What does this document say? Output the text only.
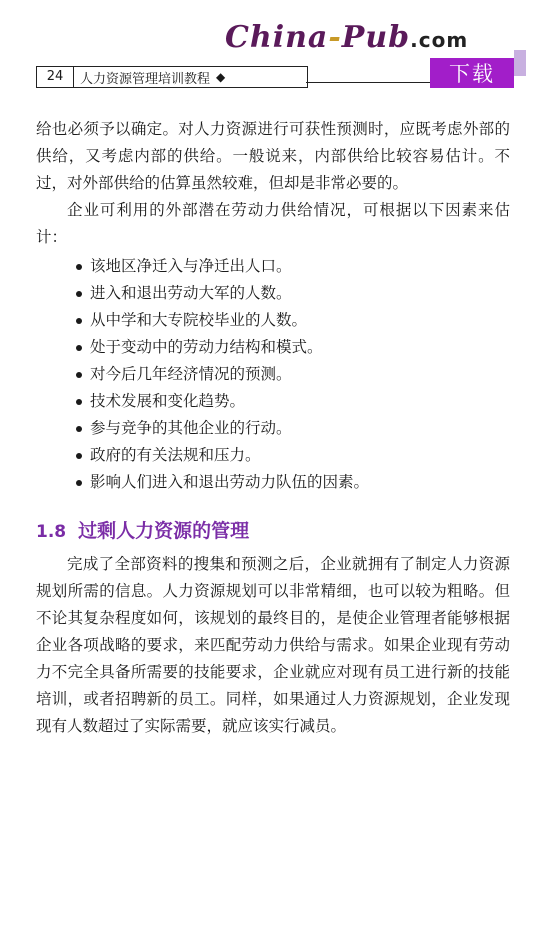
China-Pub.com
下载
24	人力资源管理培训教程 ◆

给也必须予以确定。对人力资源进行可获性预测时，应既考虑外部的供给，又考虑内部的供给。一般说来，内部供给比较容易估计。不过，对外部供给的估算虽然较难，但却是非常必要的。

企业可利用的外部潜在劳动力供给情况，可根据以下因素来估计：

该地区净迁入与净迁出人口。
进入和退出劳动大军的人数。
从中学和大专院校毕业的人数。
处于变动中的劳动力结构和模式。
对今后几年经济情况的预测。
技术发展和变化趋势。
参与竞争的其他企业的行动。
政府的有关法规和压力。
影响人们进入和退出劳动力队伍的因素。
1.8 过剩人力资源的管理

完成了全部资料的搜集和预测之后，企业就拥有了制定人力资源规划所需的信息。人力资源规划可以非常精细，也可以较为粗略。但不论其复杂程度如何，该规划的最终目的，是使企业管理者能够根据企业各项战略的要求，来匹配劳动力供给与需求。如果企业现有劳动力不完全具备所需要的技能要求，企业就应对现有员工进行新的技能培训，或者招聘新的员工。同样，如果通过人力资源规划，企业发现现有人数超过了实际需要，就应该实行减员。
